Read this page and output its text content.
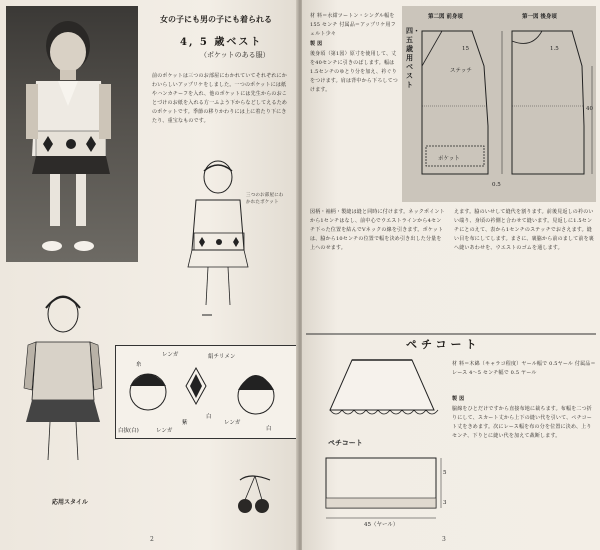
女の子にも男の子にも着られる
4, 5 歳ベスト
（ポケットのある服）
前のポケットは三つのお部屋にわかれていてそれぞれにかわいらしいアップリケをしました。一つのポケットには紙やハンカチーフを入れ、他のポケットには先生からのおことづけのお紙を入れる方一ふよう下からなどしてえるためのポケットです。季節の移りかわりには上に着たり下にきたり、重宝なものです。
三つのお部屋にわかれたポケット
応用スタイル
レンガ
糸
絹チリメン
白
レンガ
紫	レンガ
白
白抜(白)
2
材 料＝水紺ツートン・シングル幅を 155 センチ 付属品＝アップリケ用フェルト少々
製 図
後身頃（第1図）原寸を使用して、丈を40センチに引きのばします。幅は1.5センチのゆとり分を加え、衿ぐりをつけます。肩は背中から下ろしてつけます。
四・五歳用ベスト
第二図 前身頃	第一図 後身頃
ステッチ
ポケット
15	1.5
40
0.5
図柄・袖柄・製縫は縫と同時に付けます。ネックポイントから1センチはなし、前中心でウエストラインから4センチ下った位置を結んでVネックの線を引きます。ポケットは、脇から10センチの位置で幅を決め引き出した分量を上へのせます。
えます。脇のいせして縫代を割ります。前後見返しの衿のいい端り、身頃の衿側と合わせて縫います。見返しに1.5センチにとのえて、表から1センチのステッチでおさえます。縫い目を布にしてします。まさに、裏脇から前のまして前を裏へ縫いあわせを、ウエストのゴムを通します。
ペチコート
材 料＝木綿（キャラコ程度）ヤール幅で 0.5ヤール 付属品＝レース 4～5 センチ幅で 0.5 ヤール
製 図
脇線をひとだけですから直接布地に裁ちます。布幅を二つ折りにして、スカート丈から上下の縫い代を引いて、ペチコート丈をきめます。次にレース幅を布の分を位置に決め、上りセンチ、下りとに縫い代を加えて裁断します。
ペチコート
45（ヤール）
5
3
3
